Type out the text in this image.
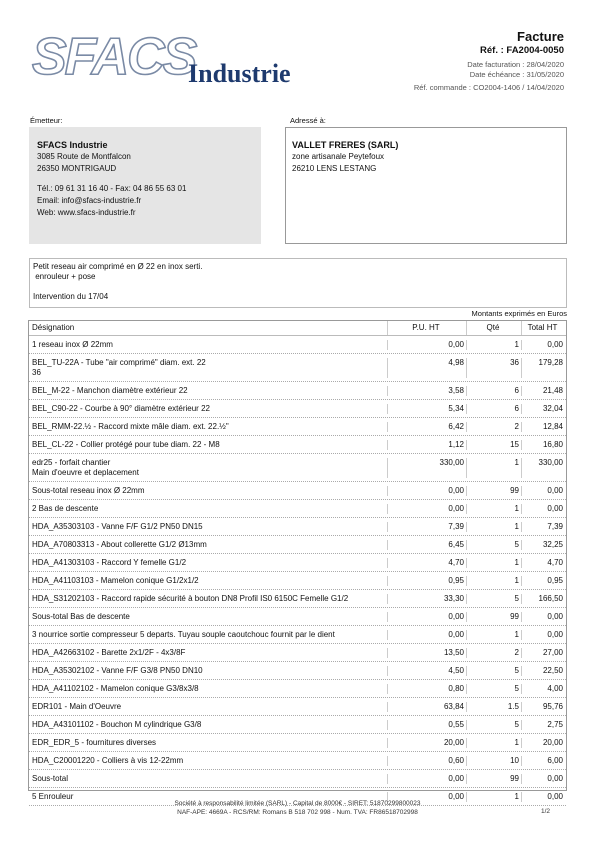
SFACS
Industrie
Facture
Réf. : FA2004-0050
Date facturation : 28/04/2020
Date échéance : 31/05/2020
Réf. commande : CO2004-1406 / 14/04/2020
Émetteur:	Adressé à:
SFACS Industrie
3085 Route de Montfalcon
26350 MONTRIGAUD
Tél.: 09 61 31 16 40 - Fax: 04 86 55 63 01
Email: info@sfacs-industrie.fr
Web: www.sfacs-industrie.fr
VALLET FRERES (SARL)
zone artisanale Peytefoux
26210 LENS LESTANG
Petit reseau air comprimé en Ø 22 en inox serti.
enrouleur + pose
Intervention du 17/04
Montants exprimés en Euros
Désignation	P.U. HT	Qté	Total HT
1 reseau inox Ø 22mm	0,00	1	0,00
BEL_TU-22A - Tube "air comprimé" diam. ext. 22
36
4,98	36	179,28
BEL_M-22 - Manchon diamètre extérieur 22	3,58	6	21,48
BEL_C90-22 - Courbe à 90° diamètre extérieur 22	5,34	6	32,04
BEL_RMM-22.½ - Raccord mixte mâle diam. ext. 22.½"	6,42	2	12,84
BEL_CL-22 - Collier protégé pour tube diam. 22 - M8	1,12	15	16,80
edr25 - forfait chantier
Main d'oeuvre et deplacement
330,00	1	330,00
Sous-total reseau inox Ø 22mm	0,00	99	0,00
2 Bas de descente	0,00	1	0,00
HDA_A35303103 - Vanne F/F G1/2 PN50 DN15	7,39	1	7,39
HDA_A70803313 - About collerette G1/2 Ø13mm	6,45	5	32,25
HDA_A41303103 - Raccord Y femelle G1/2	4,70	1	4,70
HDA_A41103103 - Mamelon conique G1/2x1/2	0,95	1	0,95
HDA_S31202103 - Raccord rapide sécurité à bouton DN8 Profil IS0 6150C Femelle G1/2	33,30	5	166,50
Sous-total Bas de descente	0,00	99	0,00
3 nourrice sortie compresseur 5 departs. Tuyau souple caoutchouc fournit par le dient	0,00	1	0,00
HDA_A42663102 - Barette 2x1/2F - 4x3/8F	13,50	2	27,00
HDA_A35302102 - Vanne F/F G3/8 PN50 DN10	4,50	5	22,50
HDA_A41102102 - Mamelon conique G3/8x3/8	0,80	5	4,00
EDR101 - Main d'Oeuvre	63,84	1.5	95,76
HDA_A43101102 - Bouchon M cylindrique G3/8	0,55	5	2,75
EDR_EDR_5 - fournitures diverses	20,00	1	20,00
HDA_C20001220 - Colliers à vis 12-22mm	0,60	10	6,00
Sous-total	0,00	99	0,00
5 Enrouleur	0,00	1	0,00
Société à responsabilité limitée (SARL) - Capital de 8000€ - SIRET: 51870299800023
NAF-APE: 4669A - RCS/RM: Romans B 518 702 998 - Num. TVA: FR86518702998	1/2
